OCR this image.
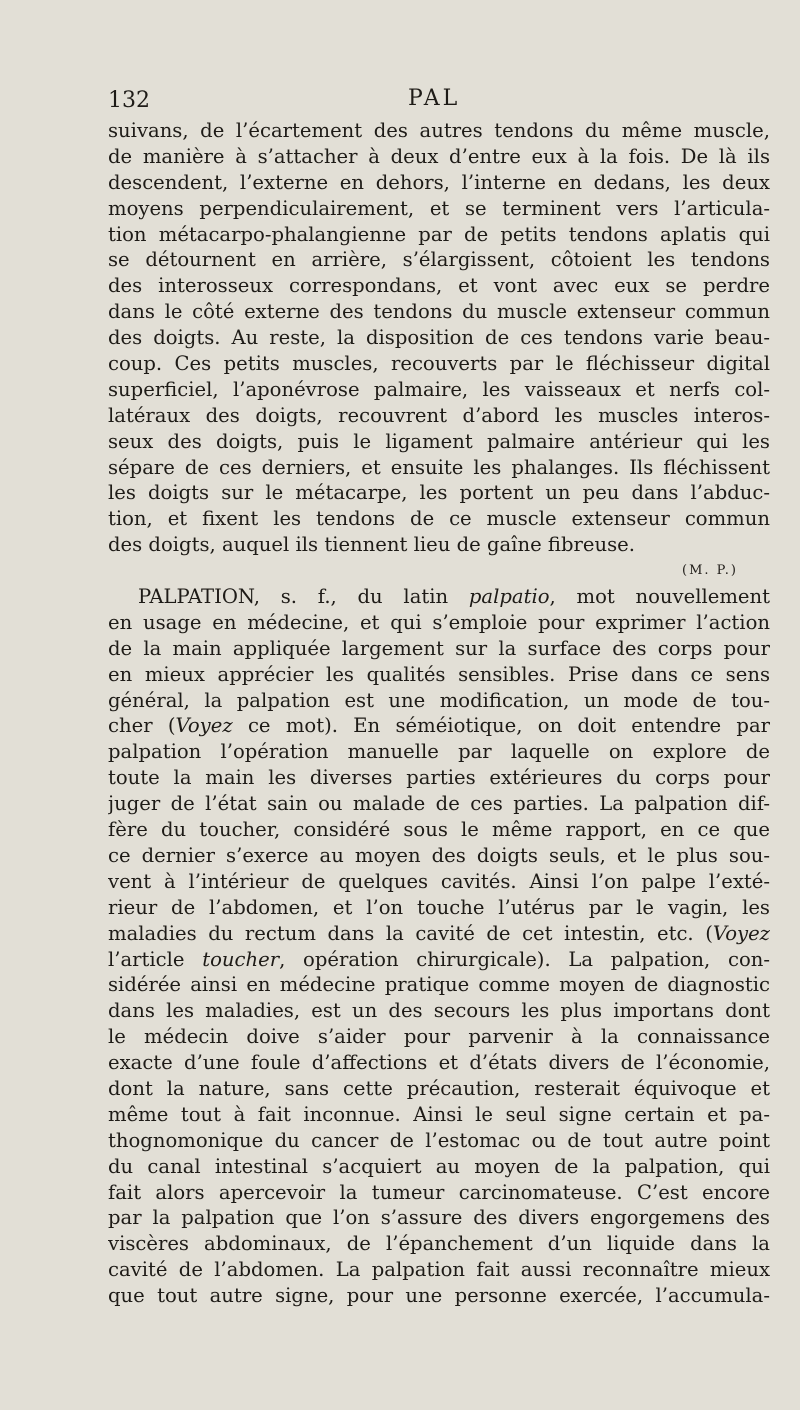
132	PAL
suivans, de l’écartement des autres tendons du même muscle,
de manière à s’attacher à deux d’entre eux à la fois. De là ils
descendent, l’externe en dehors, l’interne en dedans, les deux
moyens perpendiculairement, et se terminent vers l’articula-
tion métacarpo-phalangienne par de petits tendons aplatis qui
se détournent en arrière, s’élargissent, côtoient les tendons
des interosseux correspondans, et vont avec eux se perdre
dans le côté externe des tendons du muscle extenseur commun
des doigts. Au reste, la disposition de ces tendons varie beau-
coup. Ces petits muscles, recouverts par le fléchisseur digital
superficiel, l’aponévrose palmaire, les vaisseaux et nerfs col-
latéraux des doigts, recouvrent d’abord les muscles interos-
seux des doigts, puis le ligament palmaire antérieur qui les
sépare de ces derniers, et ensuite les phalanges. Ils fléchissent
les doigts sur le métacarpe, les portent un peu dans l’abduc-
tion, et fixent les tendons de ce muscle extenseur commun
des doigts, auquel ils tiennent lieu de gaîne fibreuse.
(M. P.)
PALPATION, s. f., du latin palpatio, mot nouvellement
en usage en médecine, et qui s’emploie pour exprimer l’action
de la main appliquée largement sur la surface des corps pour
en mieux apprécier les qualités sensibles. Prise dans ce sens
général, la palpation est une modification, un mode de tou-
cher (Voyez ce mot). En séméiotique, on doit entendre par
palpation l’opération manuelle par laquelle on explore de
toute la main les diverses parties extérieures du corps pour
juger de l’état sain ou malade de ces parties. La palpation dif-
fère du toucher, considéré sous le même rapport, en ce que
ce dernier s’exerce au moyen des doigts seuls, et le plus sou-
vent à l’intérieur de quelques cavités. Ainsi l’on palpe l’exté-
rieur de l’abdomen, et l’on touche l’utérus par le vagin, les
maladies du rectum dans la cavité de cet intestin, etc. (Voyez
l’article toucher, opération chirurgicale). La palpation, con-
sidérée ainsi en médecine pratique comme moyen de diagnostic
dans les maladies, est un des secours les plus importans dont
le médecin doive s’aider pour parvenir à la connaissance
exacte d’une foule d’affections et d’états divers de l’économie,
dont la nature, sans cette précaution, resterait équivoque et
même tout à fait inconnue. Ainsi le seul signe certain et pa-
thognomonique du cancer de l’estomac ou de tout autre point
du canal intestinal s’acquiert au moyen de la palpation, qui
fait alors apercevoir la tumeur carcinomateuse. C’est encore
par la palpation que l’on s’assure des divers engorgemens des
viscères abdominaux, de l’épanchement d’un liquide dans la
cavité de l’abdomen. La palpation fait aussi reconnaître mieux
que tout autre signe, pour une personne exercée, l’accumula-
